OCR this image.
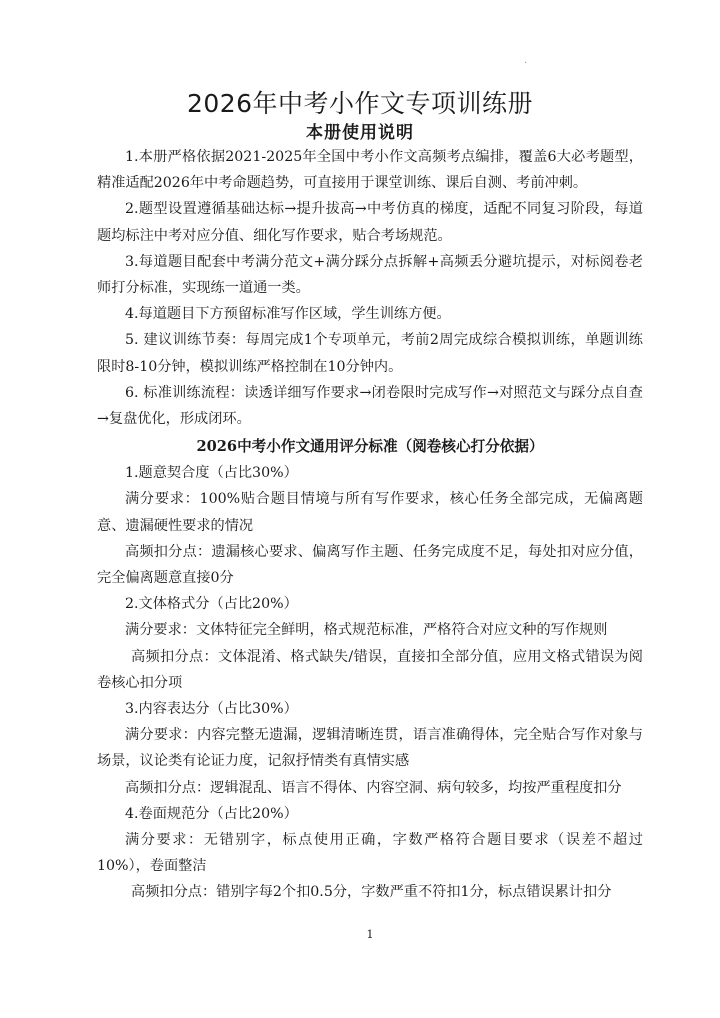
·
2026年中考小作文专项训练册
本册使用说明

1.本册严格依据2021-2025年全国中考小作文高频考点编排，覆盖6大必考题型，精准适配2026年中考命题趋势，可直接用于课堂训练、课后自测、考前冲刺。

2.题型设置遵循基础达标→提升拔高→中考仿真的梯度，适配不同复习阶段，每道题均标注中考对应分值、细化写作要求，贴合考场规范。

3.每道题目配套中考满分范文+满分踩分点拆解+高频丢分避坑提示，对标阅卷老师打分标准，实现练一道通一类。

4.每道题目下方预留标准写作区域，学生训练方便。

5. 建议训练节奏：每周完成1个专项单元，考前2周完成综合模拟训练，单题训练限时8-10分钟，模拟训练严格控制在10分钟内。

6. 标准训练流程：读透详细写作要求→闭卷限时完成写作→对照范文与踩分点自查→复盘优化，形成闭环。

2026中考小作文通用评分标准（阅卷核心打分依据）

1.题意契合度（占比30%）

满分要求：100%贴合题目情境与所有写作要求，核心任务全部完成，无偏离题意、遗漏硬性要求的情况

高频扣分点：遗漏核心要求、偏离写作主题、任务完成度不足，每处扣对应分值，完全偏离题意直接0分

2.文体格式分（占比20%）

满分要求：文体特征完全鲜明，格式规范标准，严格符合对应文种的写作规则

高频扣分点：文体混淆、格式缺失/错误，直接扣全部分值，应用文格式错误为阅卷核心扣分项

3.内容表达分（占比30%）

满分要求：内容完整无遗漏，逻辑清晰连贯，语言准确得体，完全贴合写作对象与场景，议论类有论证力度，记叙抒情类有真情实感

高频扣分点：逻辑混乱、语言不得体、内容空洞、病句较多，均按严重程度扣分

4.卷面规范分（占比20%）

满分要求：无错别字，标点使用正确，字数严格符合题目要求（误差不超过10%），卷面整洁

高频扣分点：错别字每2个扣0.5分，字数严重不符扣1分，标点错误累计扣分

1
